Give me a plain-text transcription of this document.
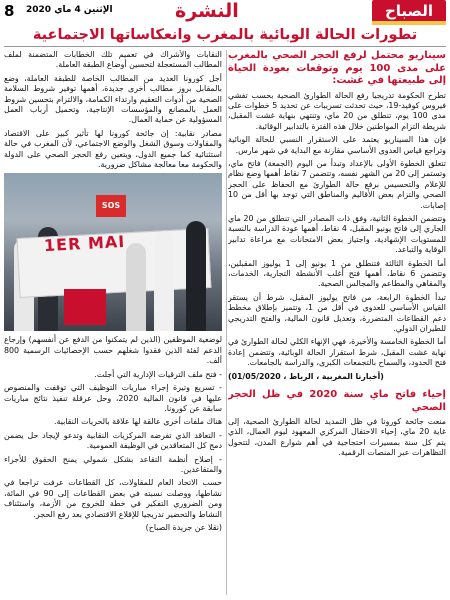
8 الإثنين 4 ماي 2020	النشرة	الصباح
تطورات الحالة الوبائية بالمغرب وانعكاساتها الاجتماعية
سيناريو محتمل لرفع الحجر الصحي بالمغرب على مدى 100 يوم وتوقعات بعودة الحياة إلى طبيعتها في غشت:

تطرح الحكومة تدريجيا رفع الحالة الطوارئ الصحية بحسب تفشي فيروس كوفيد-19، حيث تحدثت تسريبات عن تحديد 5 خطوات على مدى 100 يوم، تنطلق من 20 ماي، وتنتهي بنهاية غشت المقبل، شريطة التزام المواطنين خلال هذه الفترة بالتدابير الوقائية.

فإن هذا السيناريو يعتمد على الاستقرار النسبي للحالة الوبائية وتراجع قياس العدوى الأساسي مقارنة مع البداية في شهر مارس.

تتعلق الخطوة الأولى بالإعداد وتبدأ من اليوم (الجمعة) فاتح ماي، وتستمر إلى 20 من الشهر نفسه، وتتضمن 7 نقاط أهمها وضع نظام للإعلام والتحسيس برفع حالة الطوارئ مع الحفاظ على الحجر الصحي والتزام بعض الأقاليم والمناطق التي توجد بها أقل من 10 إصابات.

وتتضمن الخطوة الثانية، وفق ذات المصادر التي تنطلق من 20 ماي الجاري إلى فاتح يونيو المقبل، 4 نقاط، أهمها عودة الدراسة بالنسبة للمستويات الإشهادية، واجتياز بعض الامتحانات مع مراعاة تدابير الوقاية والتباعد.

أما الخطوة الثالثة فتنطلق من 1 يونيو إلى 1 يوليوز المقبلين، وتتضمن 6 نقاط، أهمها فتح أغلب الأنشطة التجارية، الخدمات، والمقاهي والمطاعم والمجالس الصحية.

تبدأ الخطوة الرابعة، من فاتح يوليوز المقبل، شرط أن يستقر القياس الأساسي للعدوى في أقل من 1، وتتميز بإطلاق مخطط دعم القطاعات المتضررة، وتعديل قانون المالية، والفتح التدريجي للطيران الدولي.

أما الخطوة الخامسة والأخيرة، فهي الإنهاء الكلي لحالة الطوارئ في نهاية غشت المقبل، شرط استقرار الحالة الوبائية، وتتضمن إعادة فتح الحدود، والسماح بالتجمعات الكبرى، والدراسة بالجامعات.

(أخبارنا المغربية ، الرباط ، 01/05/2020)
إحياء فاتح ماي سنة 2020 في ظل الحجر الصحي

منعت جائحة كورونا في ظل التمديد لحالة الطوارئ الصحية، إلى غاية 20 ماي، إحياء الاحتفال المركزي المعهود ليوم العمال، الذي يتم كل سنة بمسيرات احتجاجية في أهم شوارع المدن، لتتحول التظاهرات عبر المنصات الرقمية.

النقابات والأشراك في تعميم تلك الخطابات المتضمنة لملف المطالب المستعجلة لتحسين أوضاع الطبقة العاملة.

أجل كورونا العديد من المطالب الخاصة للطبقة العاملة، وضع بالمقابل بروز مطالب أخرى جديدة، أهمها توفير شروط السلامة الصحية من أدوات التعقيم وارتداء الكمامة، والالتزام بتحسين شروط العمل بالمصانع والمؤسسات الإنتاجية، وتحميل أرباب العمل المسؤولية عن حماية العمال.

مصادر نقابية: إن جائحة كورونا لها تأثير كبير على الاقتصاد والمقاولات وسوق الشغل والوضع الاجتماعي، لأن المغرب في حالة استثنائية كما جميع الدول، ويتعين رفع الحجر الصحي على الدولة والحكومة معا معالجة مشاكل ضرورية.

SOS
1ER MAI

لوضعية الموظفين (الذين لم يتمكنوا من الدفع عن أنفسهم) وإرجاع الدعم لفئة الذين فقدوا شغلهم حسب الإحصائيات الرسمية 800 ألف.

- فتح ملف الترقيات الإدارية التي أجلت.

- تسريع وتيرة إجراء مباريات التوظيف التي توقفت والمنصوص عليها في قانون المالية 2020، وحل عرقلة تنفيذ نتائج مباريات سابقة عن كورونا.

هناك ملفات أخرى عالقة لها علاقة بالحريات النقابية.

- التعاقد الذي تفرضه المركزيات النقابية وتدعو لإيجاد حل يضمن دمج كل المتعاقدين في الوظيفة العمومية.

- إصلاح أنظمة التقاعد بشكل شمولي يمنح الحقوق للأجراء والمتقاعدين.

حسب الاتحاد العام للمقاولات، كل القطاعات عرفت تراجعا في نشاطها، ووصلت نسبته في بعض القطاعات إلى 90 في المائة، ومن الضروري التفكير في خطة للخروج من الأزمة، واستئناف النشاط والتحضير تدريجيا للإقلاع الاقتصادي بعد رفع الحجر.

(نقلا عن جريدة الصباح)
